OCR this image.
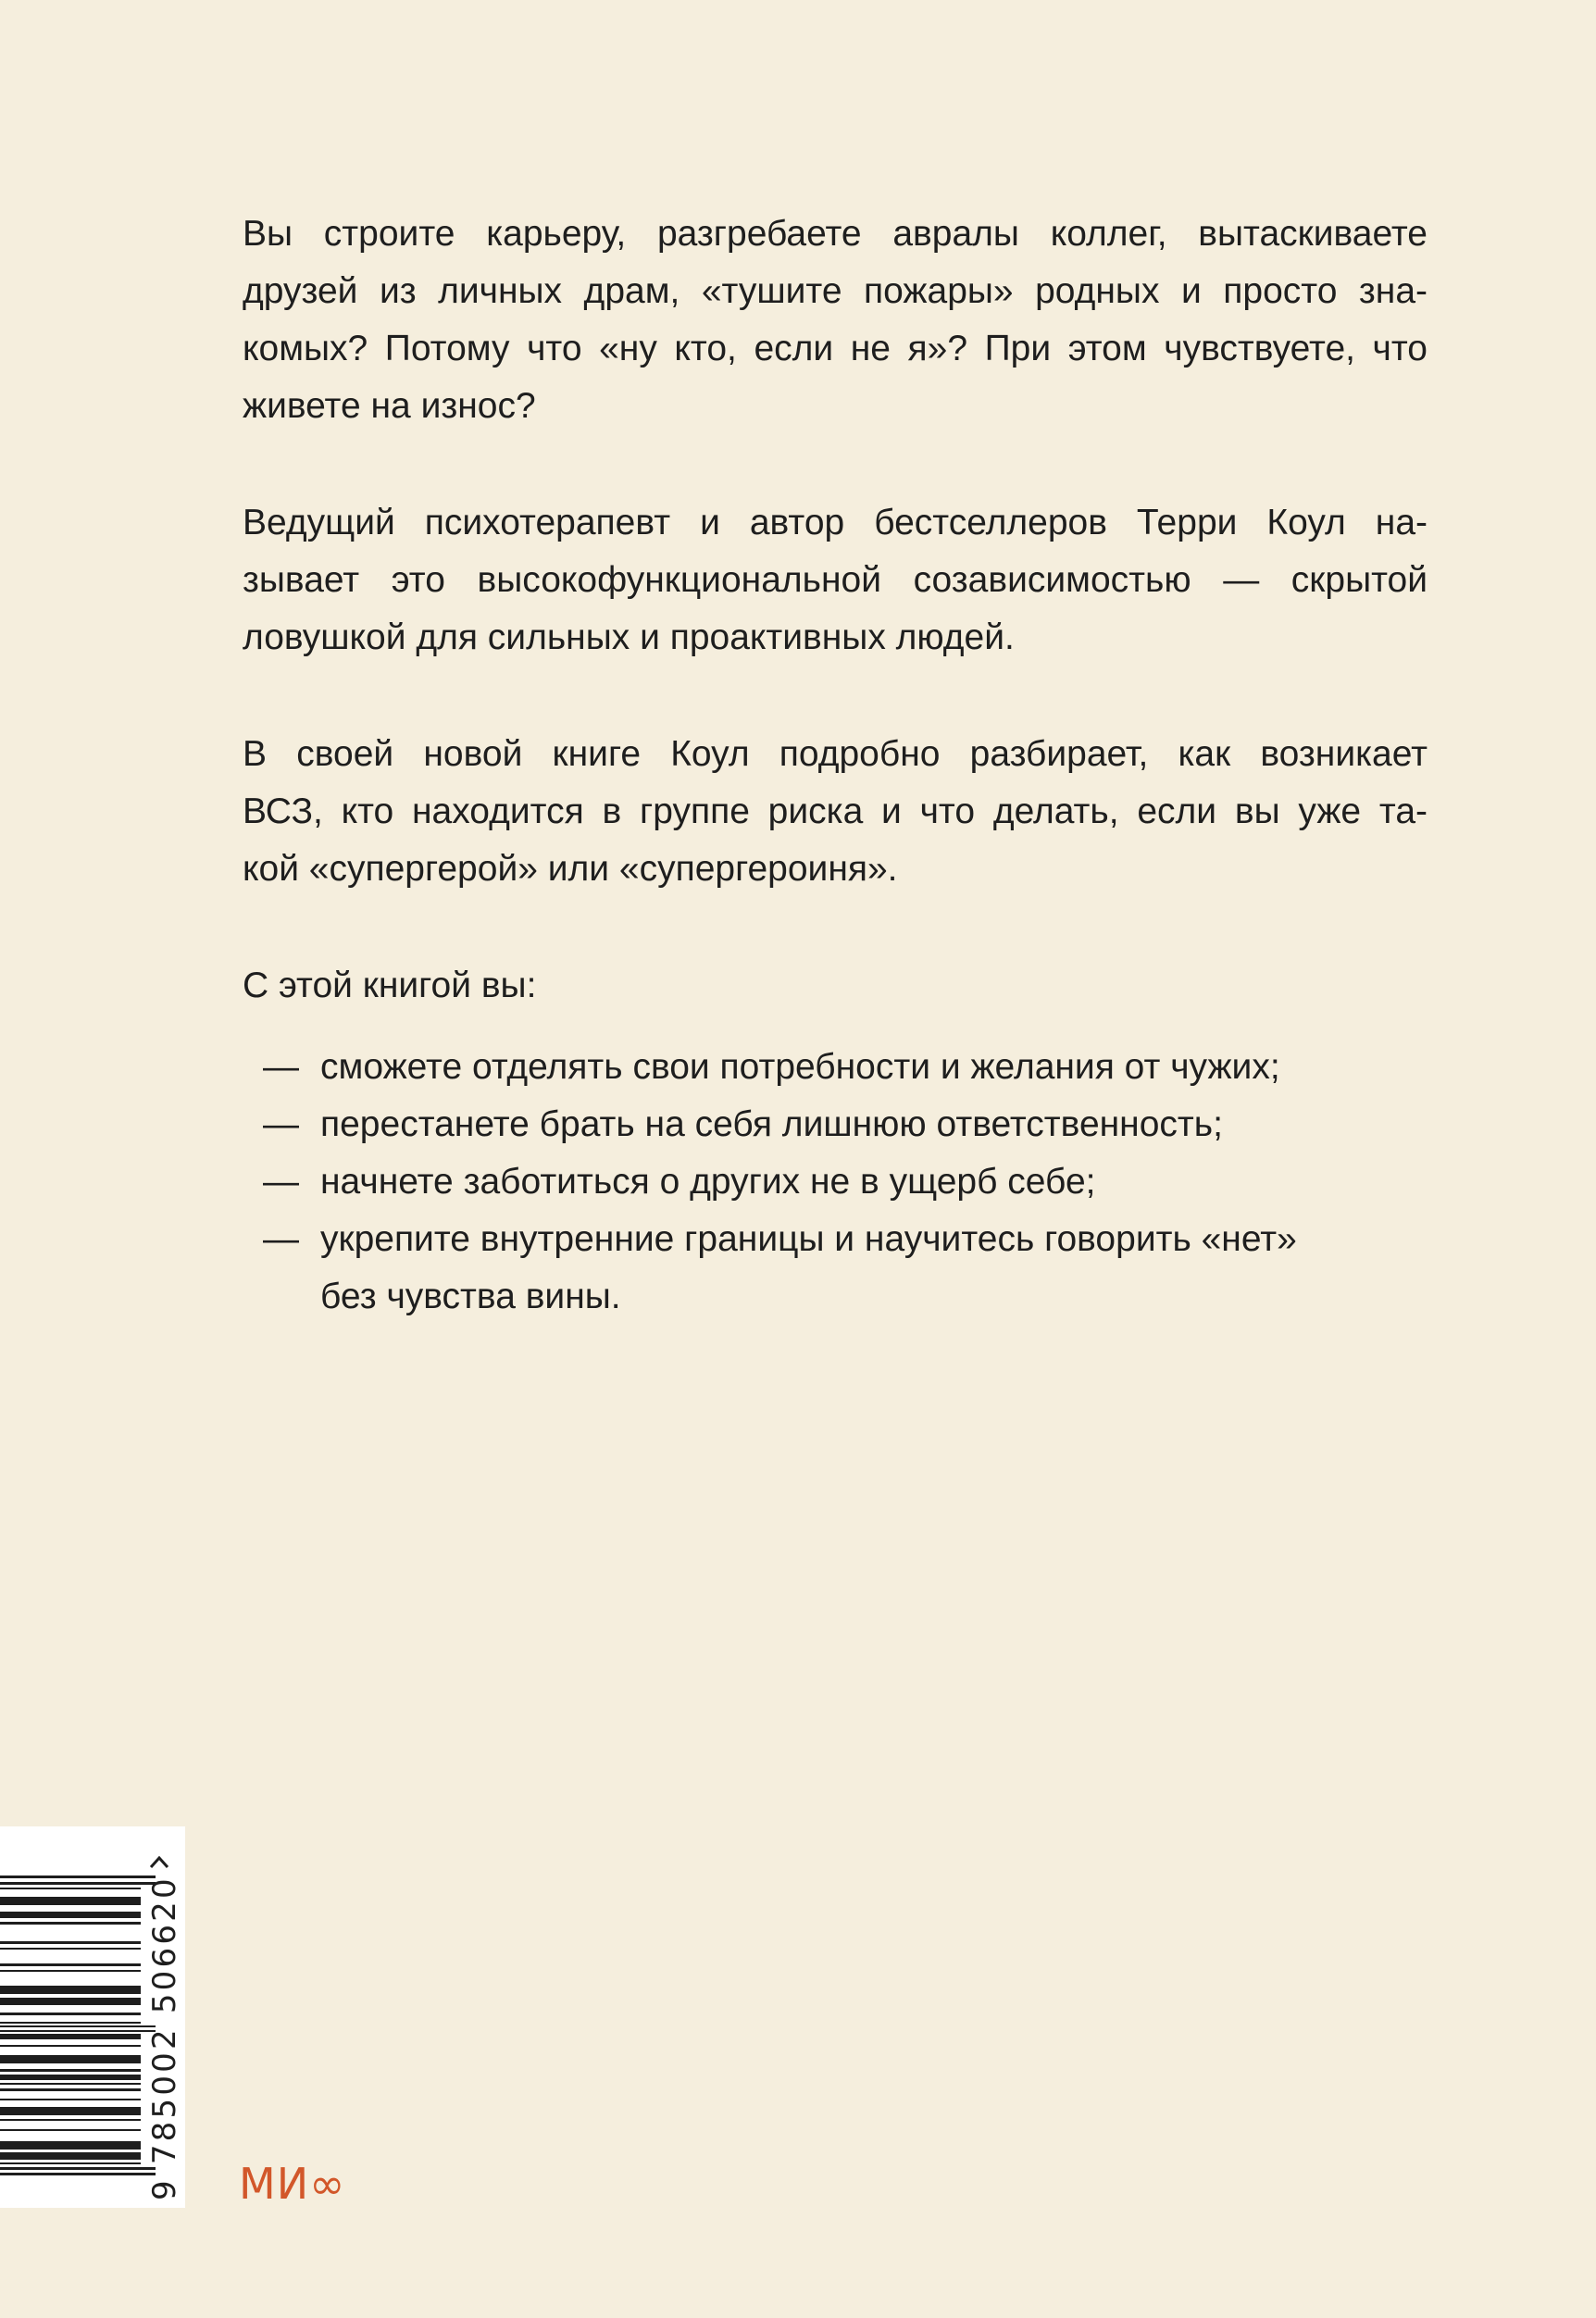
Вы строите карьеру, разгребаете авралы коллег, вытаскиваете
друзей из личных драм, «тушите пожары» родных и просто зна-
комых? Потому что «ну кто, если не я»? При этом чувствуете, что
живете на износ?
Ведущий психотерапевт и автор бестселлеров Терри Коул на-
зывает это высокофункциональной созависимостью — скрытой
ловушкой для сильных и проактивных людей.
В своей новой книге Коул подробно разбирает, как возникает
ВСЗ, кто находится в группе риска и что делать, если вы уже та-
кой «супергерой» или «супергероиня».
С этой книгой вы:
— сможете отделять свои потребности и желания от чужих;
— перестанете брать на себя лишнюю ответственность;
— начнете заботиться о других не в ущерб себе;
— укрепите внутренние границы и научитесь говорить «нет»
без чувства вины.
9 785002 506620 МИ∞
